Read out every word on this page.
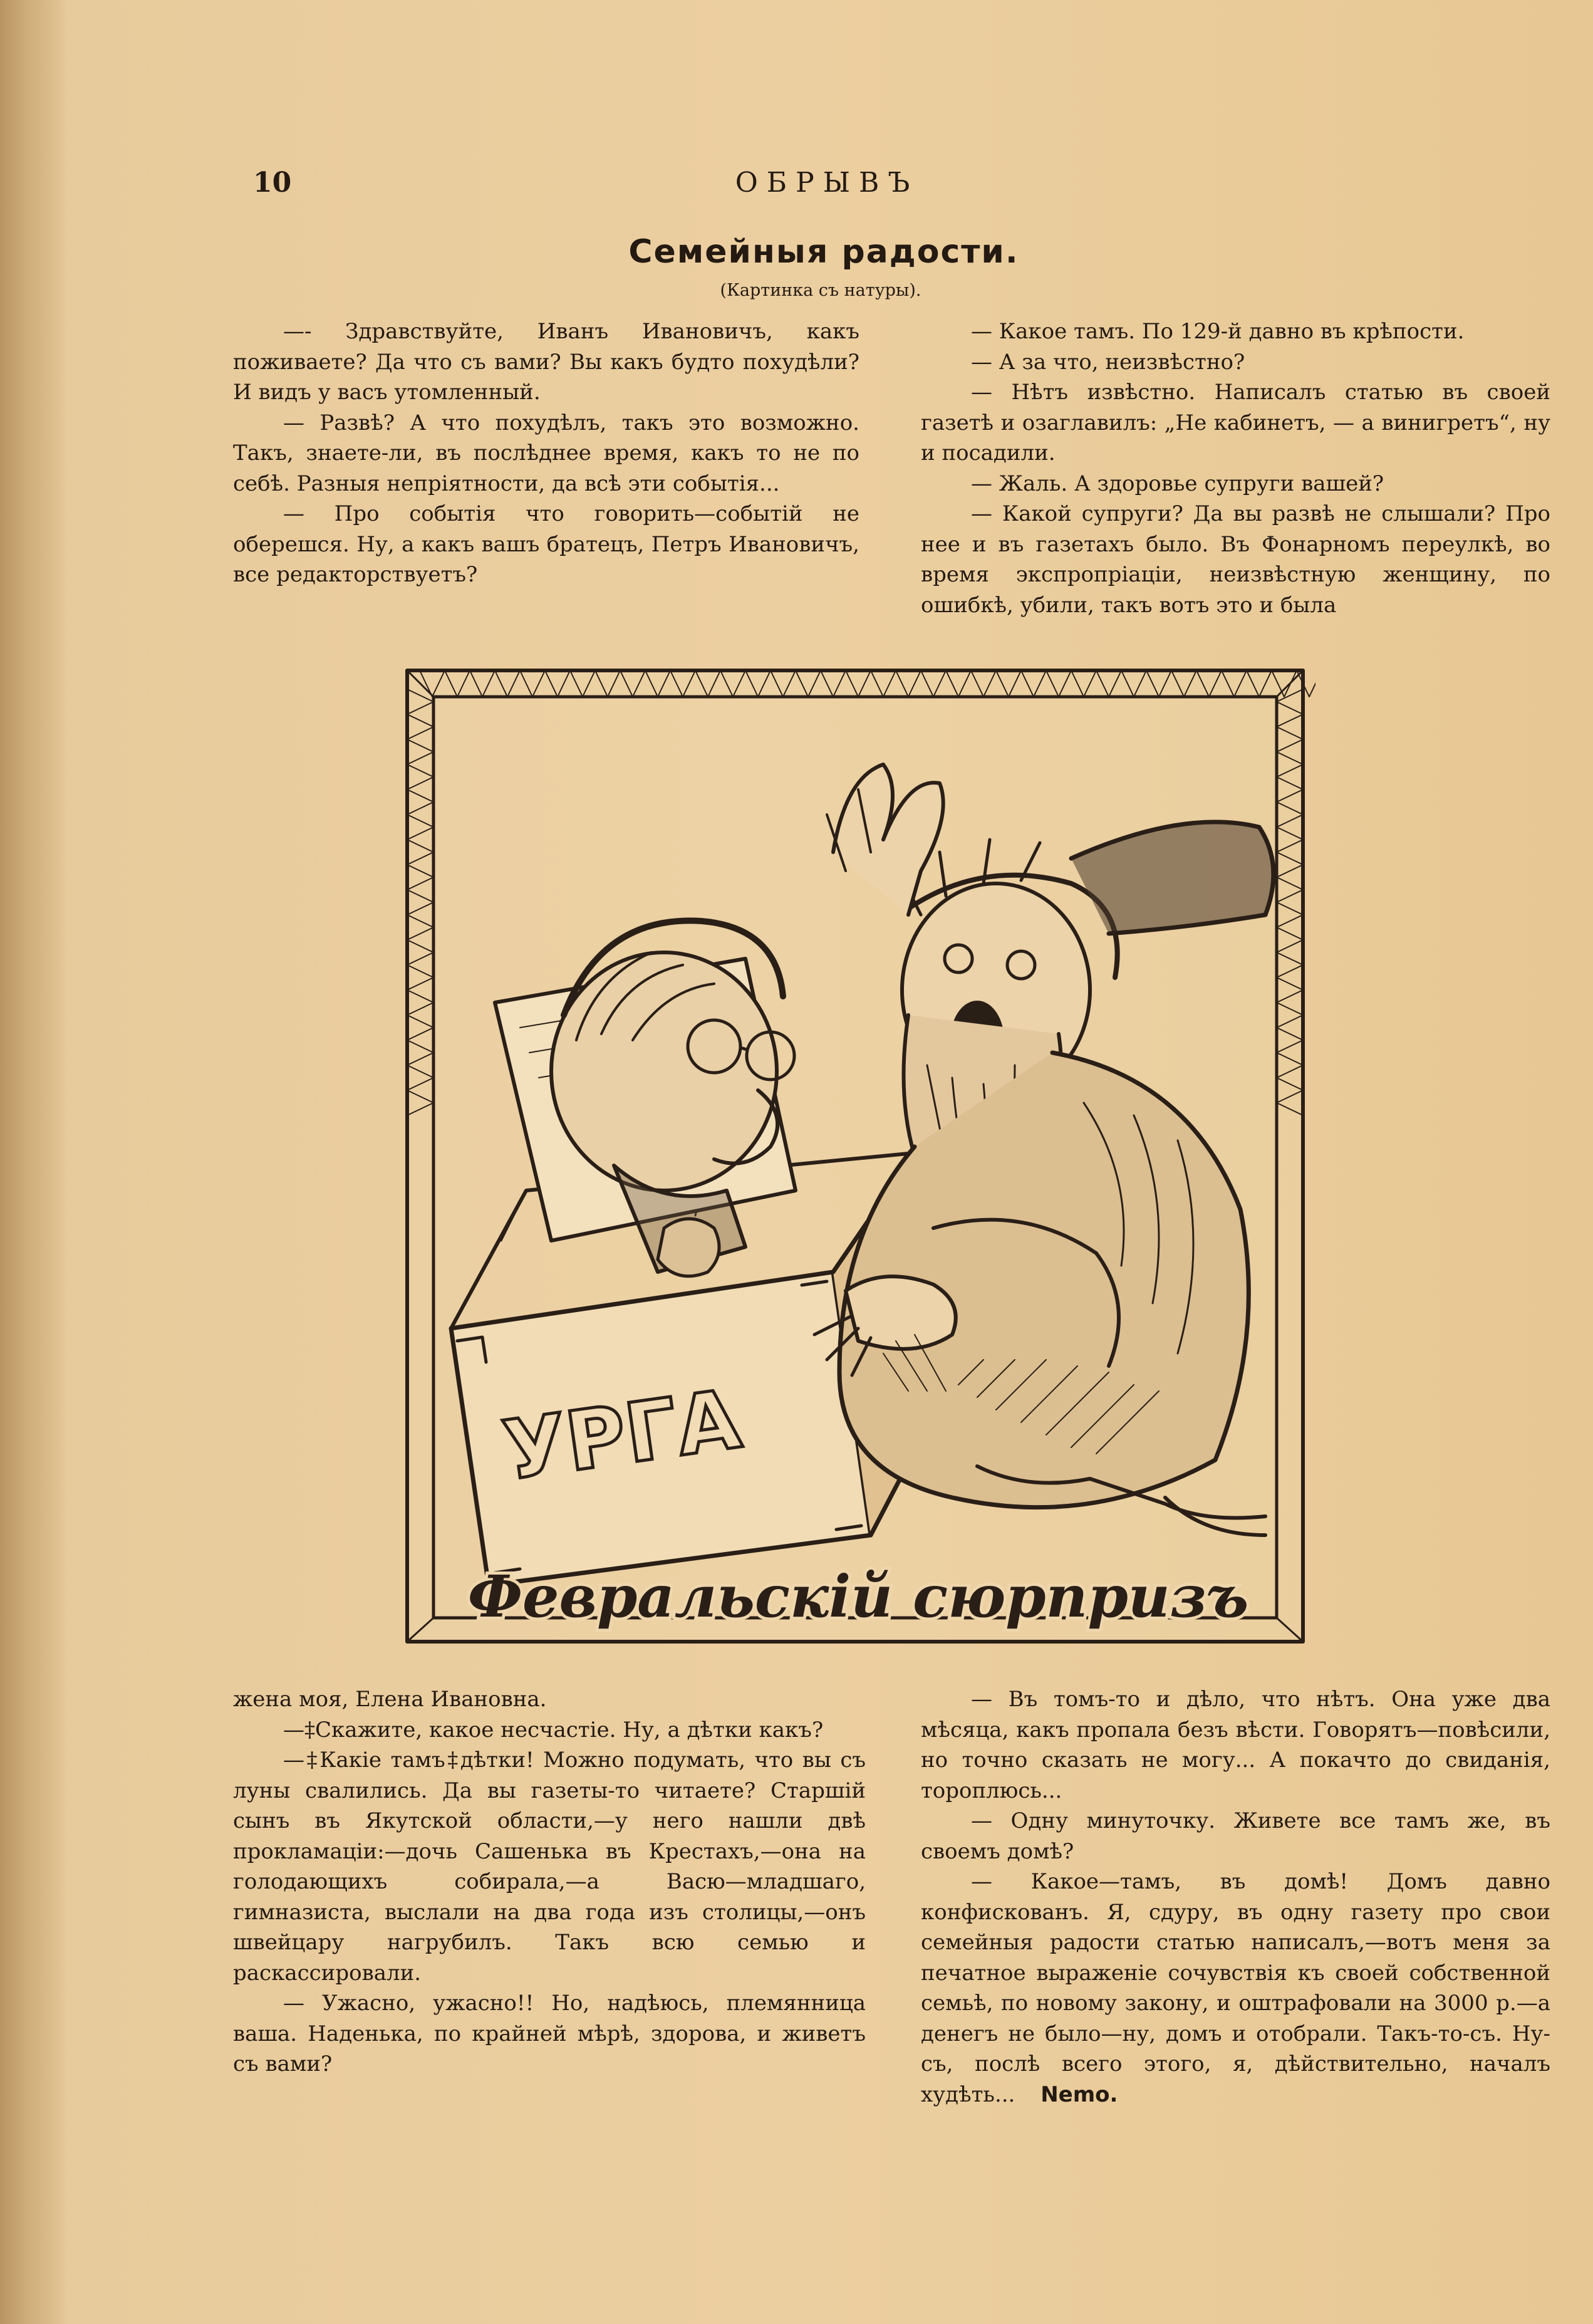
10	ОБРЫВЪ
Семейныя радости.
(Картинка съ натуры).

—- Здравствуйте, Иванъ Ивановичъ, какъ поживаете? Да что съ вами? Вы какъ будто похудѣли? И видъ у васъ утомленный.

— Развѣ? А что похудѣлъ, такъ это возможно. Такъ, знаете-ли, въ послѣднее время, какъ то не по себѣ. Разныя непріятности, да всѣ эти событія...

— Про событія что говорить—событій не оберешся. Ну, а какъ вашъ братецъ, Петръ Ивановичъ, все редакторствуетъ?

— Какое тамъ. По 129-й давно въ крѣпости.

— А за что, неизвѣстно?

— Нѣтъ извѣстно. Написалъ статью въ своей газетѣ и озаглавилъ: „Не кабинетъ, — а винигретъ“, ну и посадили.

— Жаль. А здоровье супруги вашей?

— Какой супруги? Да вы развѣ не слышали? Про нее и въ газетахъ было. Въ Фонарномъ переулкѣ, во время экспропріаціи, неизвѣстную женщину, по ошибкѣ, убили, такъ вотъ это и была

УРГА
Февральскій сюрпризъ

жена моя, Елена Ивановна.

—‡Скажите, какое несчастіе. Ну, а дѣтки какъ?

—‡Какіе тамъ‡дѣтки! Можно подумать, что вы съ луны свалились. Да вы газеты-то читаете? Старшій сынъ въ Якутской области,—у него нашли двѣ прокламаціи:—дочь Сашенька въ Крестахъ,—она на голодающихъ собирала,—а Васю—младшаго, гимназиста, выслали на два года изъ столицы,—онъ швейцару нагрубилъ. Такъ всю семью и раскассировали.

— Ужасно, ужасно!! Но, надѣюсь, племянница ваша. Наденька, по крайней мѣрѣ, здорова, и живетъ съ вами?

— Въ томъ-то и дѣло, что нѣтъ. Она уже два мѣсяца, какъ пропала безъ вѣсти. Говорятъ—повѣсили, но точно сказать не могу... А покачто до свиданія, тороплюсь...

— Одну минуточку. Живете все тамъ же, въ своемъ домѣ?

— Какое—тамъ, въ домѣ! Домъ давно конфискованъ. Я, сдуру, въ одну газету про свои семейныя радости статью написалъ,—вотъ меня за печатное выраженіе сочувствія къ своей собственной семьѣ, по новому закону, и оштрафовали на 3000 р.—а денегъ не было—ну, домъ и отобрали. Такъ-то-съ. Ну-съ, послѣ всего этого, я, дѣйствительно, началъ худѣть... Nemo.
